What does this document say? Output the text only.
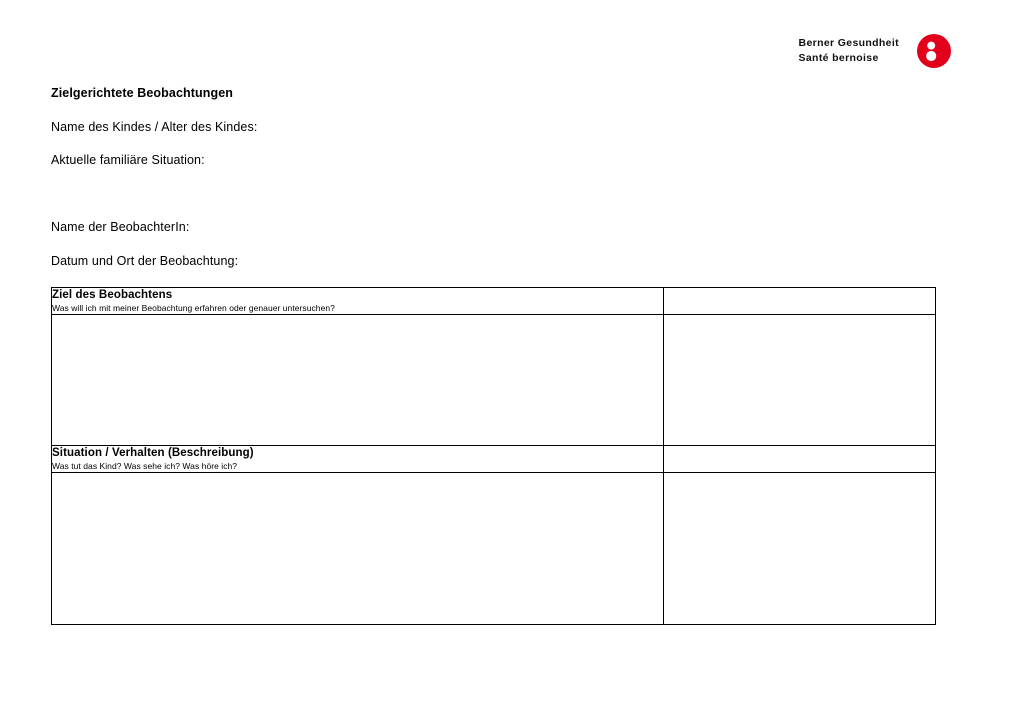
Berner Gesundheit
Santé bernoise
Zielgerichtete Beobachtungen
Name des Kindes / Alter des Kindes:
Aktuelle familiäre Situation:
Name der BeobachterIn:
Datum und Ort der Beobachtung:
Ziel des Beobachtens
Was will ich mit meiner Beobachtung erfahren oder genauer untersuchen?	

Situation / Verhalten (Beschreibung)
Was tut das Kind? Was sehe ich? Was höre ich?	
